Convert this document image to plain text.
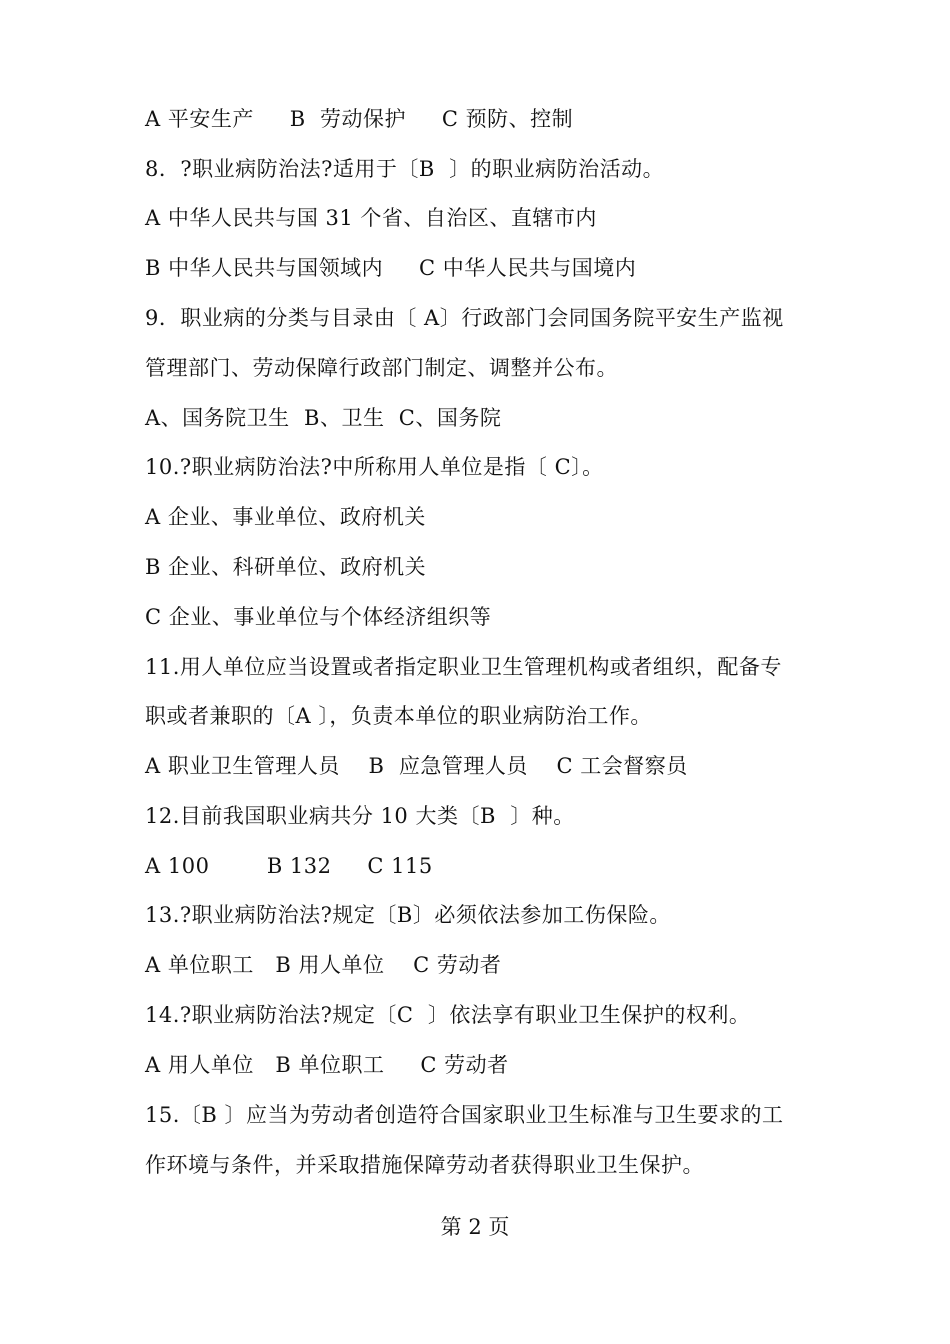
A 平安生产     B  劳动保护     C 预防、控制
8．?职业病防治法?适用于〔B  〕的职业病防治活动。
A 中华人民共与国 31 个省、自治区、直辖市内
B 中华人民共与国领域内     C 中华人民共与国境内
9．职业病的分类与目录由〔 A〕行政部门会同国务院平安生产监视
管理部门、劳动保障行政部门制定、调整并公布。
A、国务院卫生  B、卫生  C、国务院
10.?职业病防治法?中所称用人单位是指〔 C〕。
A 企业、事业单位、政府机关
B 企业、科研单位、政府机关
C 企业、事业单位与个体经济组织等
11.用人单位应当设置或者指定职业卫生管理机构或者组织，配备专
职或者兼职的〔A 〕，负责本单位的职业病防治工作。
A 职业卫生管理人员    B  应急管理人员    C 工会督察员
12.目前我国职业病共分 10 大类〔B  〕种。
A 100        B 132     C 115
13.?职业病防治法?规定〔B〕必须依法参加工伤保险。
A 单位职工   B 用人单位    C 劳动者
14.?职业病防治法?规定〔C  〕依法享有职业卫生保护的权利。
A 用人单位   B 单位职工     C 劳动者
15.〔B 〕应当为劳动者创造符合国家职业卫生标准与卫生要求的工
作环境与条件，并采取措施保障劳动者获得职业卫生保护。
第 2 页
